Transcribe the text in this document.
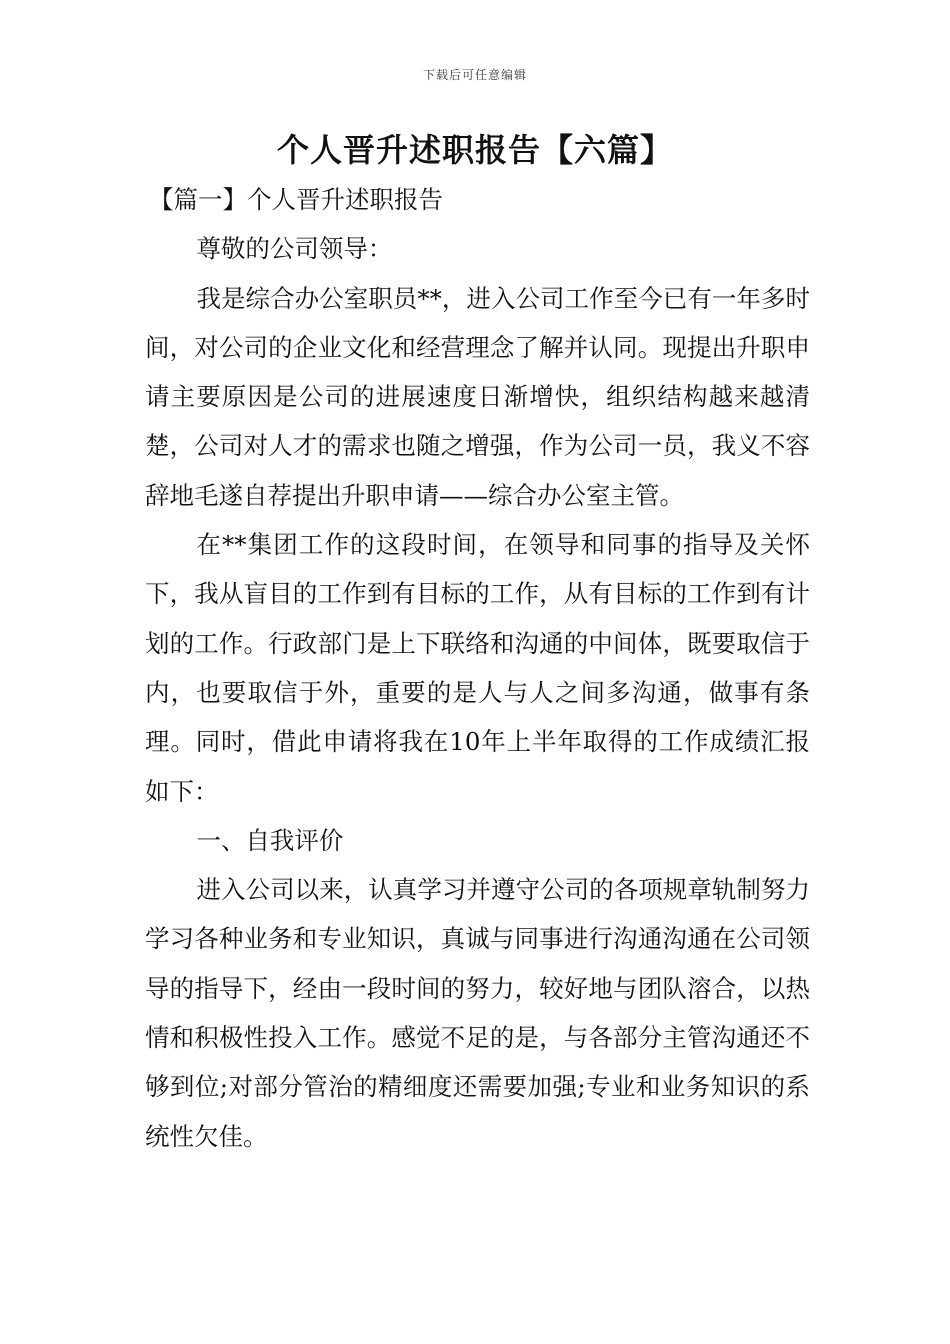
下载后可任意编辑
个人晋升述职报告【六篇】
【篇一】个人晋升述职报告

尊敬的公司领导：

我是综合办公室职员**，进入公司工作至今已有一年多时间，对公司的企业文化和经营理念了解并认同。现提出升职申请主要原因是公司的进展速度日渐增快，组织结构越来越清楚，公司对人才的需求也随之增强，作为公司一员，我义不容辞地毛遂自荐提出升职申请——综合办公室主管。

在**集团工作的这段时间，在领导和同事的指导及关怀下，我从盲目的工作到有目标的工作，从有目标的工作到有计划的工作。行政部门是上下联络和沟通的中间体，既要取信于内，也要取信于外，重要的是人与人之间多沟通，做事有条理。同时，借此申请将我在10年上半年取得的工作成绩汇报如下：

一、自我评价

进入公司以来，认真学习并遵守公司的各项规章轨制努力学习各种业务和专业知识，真诚与同事进行沟通沟通在公司领导的指导下，经由一段时间的努力，较好地与团队溶合，以热情和积极性投入工作。感觉不足的是，与各部分主管沟通还不够到位;对部分管治的精细度还需要加强;专业和业务知识的系统性欠佳。
